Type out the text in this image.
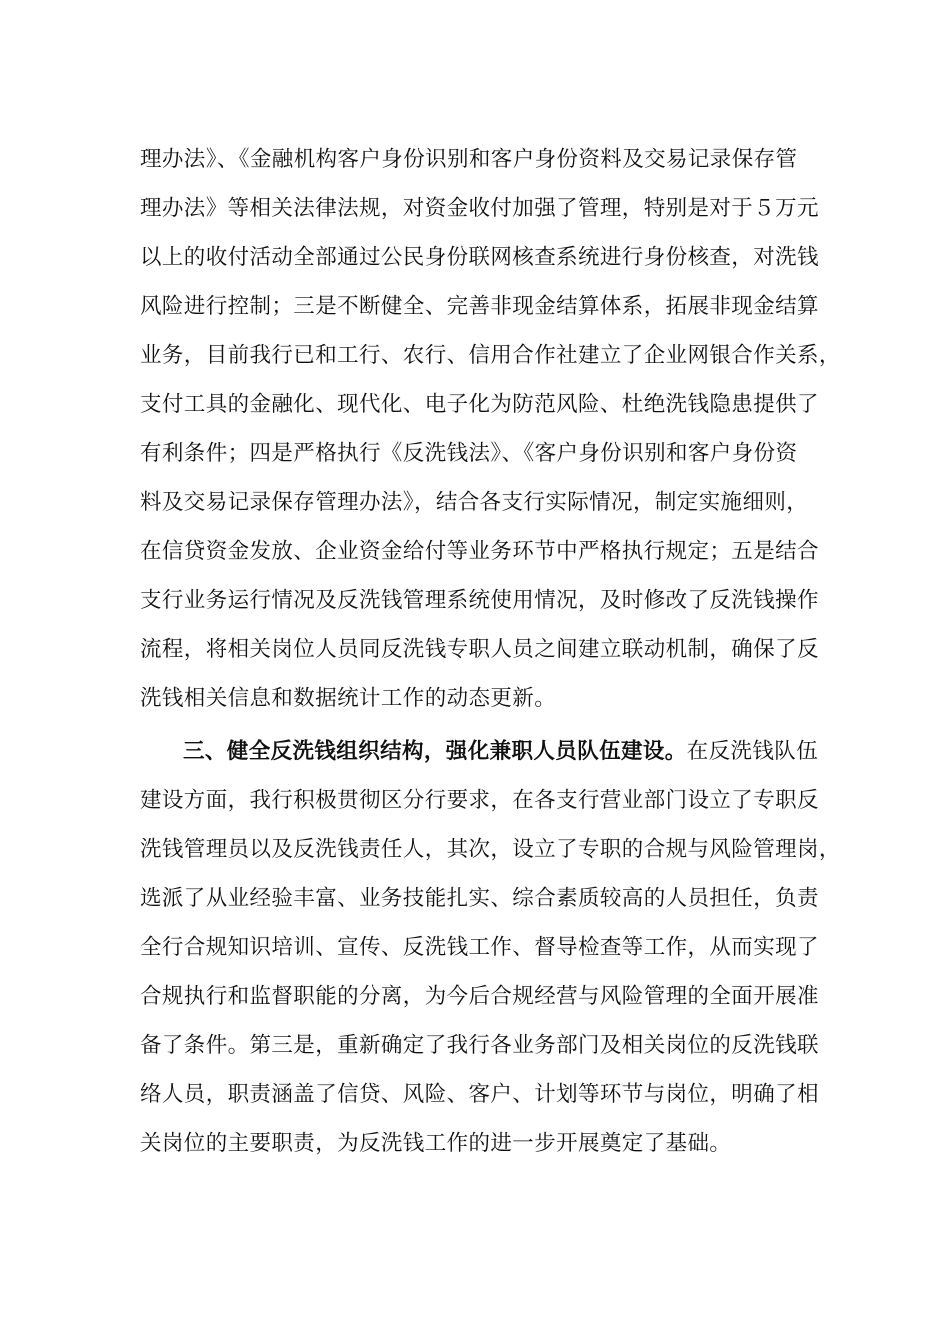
理办法》、《金融机构客户身份识别和客户身份资料及交易记录保存管
理办法》等相关法律法规，对资金收付加强了管理，特别是对于５万元
以上的收付活动全部通过公民身份联网核查系统进行身份核查，对洗钱
风险进行控制；三是不断健全、完善非现金结算体系，拓展非现金结算
业务，目前我行已和工行、农行、信用合作社建立了企业网银合作关系，
支付工具的金融化、现代化、电子化为防范风险、杜绝洗钱隐患提供了
有利条件；四是严格执行《反洗钱法》、《客户身份识别和客户身份资
料及交易记录保存管理办法》，结合各支行实际情况，制定实施细则，
在信贷资金发放、企业资金给付等业务环节中严格执行规定；五是结合
支行业务运行情况及反洗钱管理系统使用情况，及时修改了反洗钱操作
流程，将相关岗位人员同反洗钱专职人员之间建立联动机制，确保了反
洗钱相关信息和数据统计工作的动态更新。
三、健全反洗钱组织结构，强化兼职人员队伍建设。在反洗钱队伍
建设方面，我行积极贯彻区分行要求，在各支行营业部门设立了专职反
洗钱管理员以及反洗钱责任人，其次，设立了专职的合规与风险管理岗，
选派了从业经验丰富、业务技能扎实、综合素质较高的人员担任，负责
全行合规知识培训、宣传、反洗钱工作、督导检查等工作，从而实现了
合规执行和监督职能的分离，为今后合规经营与风险管理的全面开展准
备了条件。第三是，重新确定了我行各业务部门及相关岗位的反洗钱联
络人员，职责涵盖了信贷、风险、客户、计划等环节与岗位，明确了相
关岗位的主要职责，为反洗钱工作的进一步开展奠定了基础。
